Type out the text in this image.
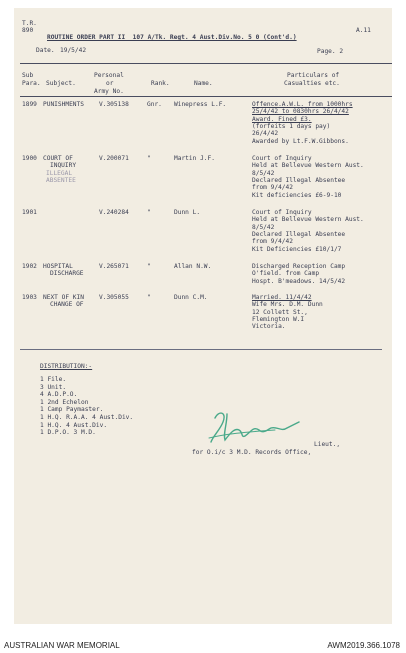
T.R.
890	A.11
ROUTINE ORDER PART II  107 A/Tk. Regt. 4 Aust.Div.No. 5 0 (Cont'd.)
Date. 19/5/42	Page. 2
Sub
Para. Subject.
Personal
or
Army No.
Rank.	Name.
Particulars of
Casualties etc.
1899 PUNISHMENTS V.305138	Gnr. Winepress L.F.	Offence.A.W.L. from 1000hrs
25/4/42 to 0830hrs 26/4/42
Award. Fined £3.
(forfeits 1 days pay)
26/4/42
Awarded by Lt.F.W.Gibbons.
1900 COURT OF
INQUIRY
ILLEGAL
ABSENTEE
V.200071	"	Martin J.F.	Court of Inquiry
Held at Bellevue Western Aust.
8/5/42
Declared Illegal Absentee
from 9/4/42
Kit deficiencies £6-9-10
1901	V.240284	"	Dunn L.	Court of Inquiry
Held at Bellevue Western Aust.
8/5/42
Declared Illegal Absentee
from 9/4/42
Kit Deficiencies £10/1/7
1902 HOSPITAL
DISCHARGE
V.265071	"	Allan N.W.	Discharged Reception Camp
O'field. from Camp
Hospt. B'meadows. 14/5/42
1903 NEXT OF KIN
CHANGE OF
V.305055	"	Dunn C.M.	Married. 11/4/42
Wife Mrs. D.M. Dunn
12 Collett St.,
Flemington W.I
Victoria.
DISTRIBUTION:-
1 File.
3 Unit.
4 A.D.P.O.
1 2nd Echelon
1 Camp Paymaster.
1 H.Q. R.A.A. 4 Aust.Div.
1 H.Q. 4 Aust.Div.
1 D.P.O. 3 M.D.
Lieut.,
for O.i/c 3 M.D. Records Office,
AUSTRALIAN WAR MEMORIAL	AWM2019.366.1078
